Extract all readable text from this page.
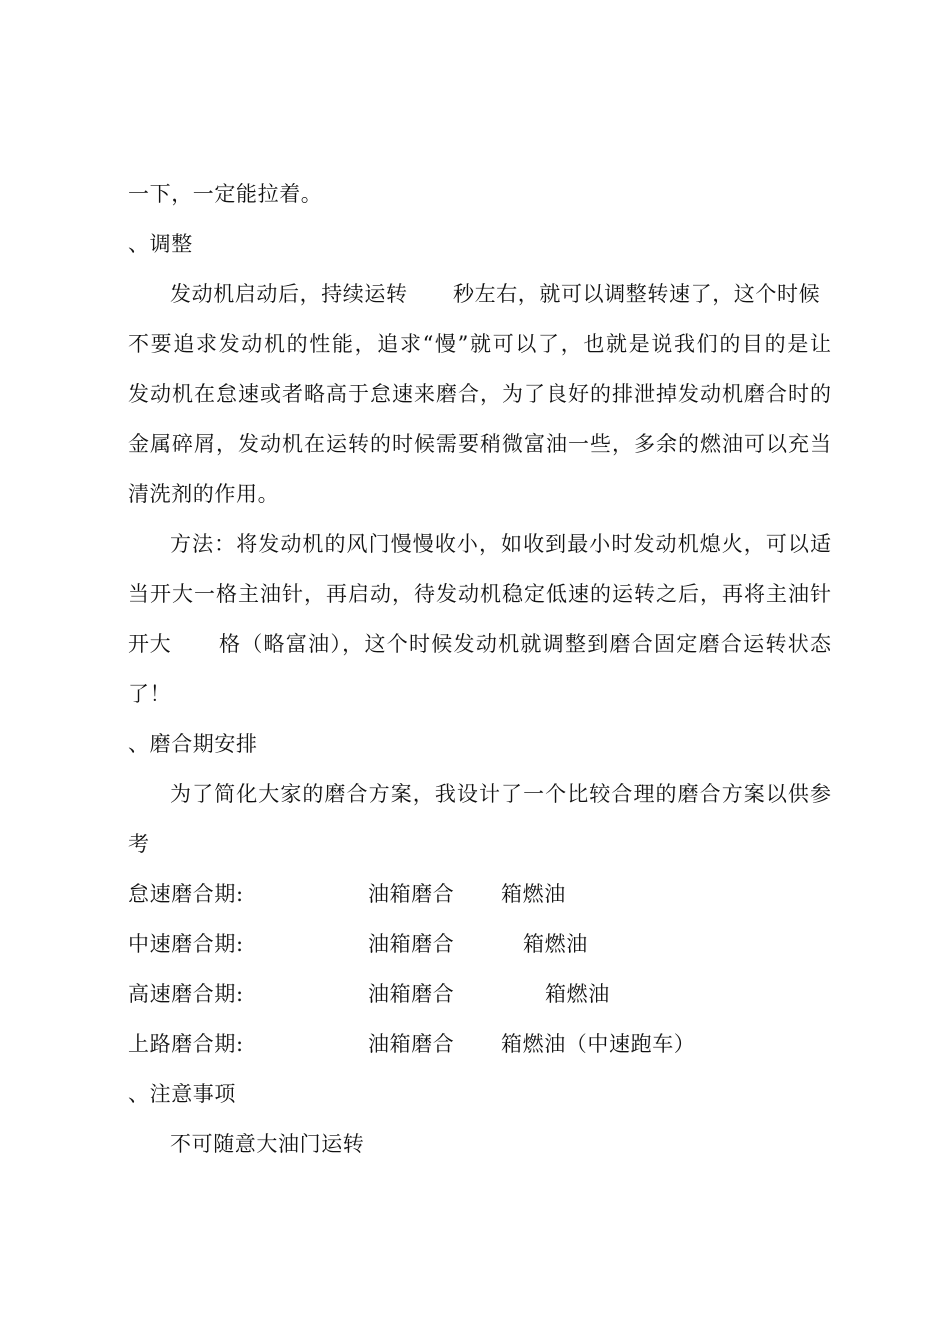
一下，一定能拉着。
、调整
发动机启动后，持续运转 秒左右，就可以调整转速了，这个时候
不要追求发动机的性能，追求“慢”就可以了，也就是说我们的目的是让
发动机在怠速或者略高于怠速来磨合，为了良好的排泄掉发动机磨合时的
金属碎屑，发动机在运转的时候需要稍微富油一些，多余的燃油可以充当
清洗剂的作用。
方法：将发动机的风门慢慢收小，如收到最小时发动机熄火，可以适
当开大一格主油针，再启动，待发动机稳定低速的运转之后，再将主油针
开大 格（略富油），这个时候发动机就调整到磨合固定磨合运转状态
了！
、磨合期安排
为了简化大家的磨合方案，我设计了一个比较合理的磨合方案以供参
考
怠速磨合期:	油箱磨合 箱燃油
中速磨合期:	油箱磨合	箱燃油
高速磨合期:	油箱磨合	箱燃油
上路磨合期:	油箱磨合 箱燃油（中速跑车）
、注意事项
不可随意大油门运转
